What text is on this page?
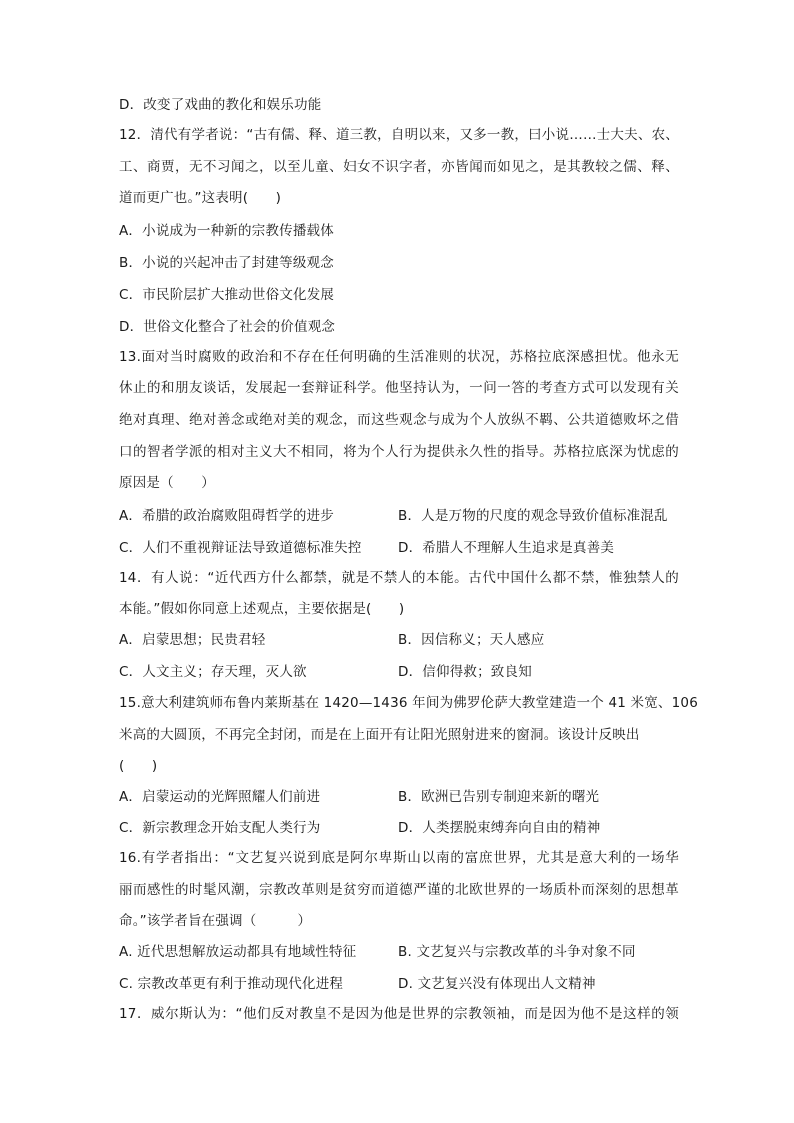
D．改变了戏曲的教化和娱乐功能
12．清代有学者说：“古有儒、释、道三教，自明以来，又多一教，曰小说……士大夫、农、
工、商贾，无不习闻之，以至儿童、妇女不识字者，亦皆闻而如见之，是其教较之儒、释、
道而更广也。”这表明(　　)
A．小说成为一种新的宗教传播载体
B．小说的兴起冲击了封建等级观念
C．市民阶层扩大推动世俗文化发展
D．世俗文化整合了社会的价值观念
13.面对当时腐败的政治和不存在任何明确的生活准则的状况，苏格拉底深感担忧。他永无
休止的和朋友谈话，发展起一套辩证科学。他坚持认为，一问一答的考查方式可以发现有关
绝对真理、绝对善念或绝对美的观念，而这些观念与成为个人放纵不羁、公共道德败坏之借
口的智者学派的相对主义大不相同，将为个人行为提供永久性的指导。苏格拉底深为忧虑的
原因是（　　）
A．希腊的政治腐败阻碍哲学的进步	B．人是万物的尺度的观念导致价值标准混乱
C．人们不重视辩证法导致道德标准失控	D．希腊人不理解人生追求是真善美
14．有人说：“近代西方什么都禁，就是不禁人的本能。古代中国什么都不禁，惟独禁人的
本能。”假如你同意上述观点，主要依据是(　　)
A．启蒙思想；民贵君轻	B．因信称义；天人感应
C．人文主义；存天理，灭人欲	D．信仰得救；致良知
15.意大利建筑师布鲁内莱斯基在 1420—1436 年间为佛罗伦萨大教堂建造一个 41 米宽、106
米高的大圆顶，不再完全封闭，而是在上面开有让阳光照射进来的窗洞。该设计反映出
(　　)
A．启蒙运动的光辉照耀人们前进	B．欧洲已告别专制迎来新的曙光
C．新宗教理念开始支配人类行为	D．人类摆脱束缚奔向自由的精神
16.有学者指出：“文艺复兴说到底是阿尔卑斯山以南的富庶世界，尤其是意大利的一场华
丽而感性的时髦风潮，宗教改革则是贫穷而道德严谨的北欧世界的一场质朴而深刻的思想革
命。”该学者旨在强调（　　　）
A. 近代思想解放运动都具有地域性特征	B. 文艺复兴与宗教改革的斗争对象不同
C. 宗教改革更有利于推动现代化进程	D. 文艺复兴没有体现出人文精神
17．威尔斯认为：“他们反对教皇不是因为他是世界的宗教领袖，而是因为他不是这样的领
